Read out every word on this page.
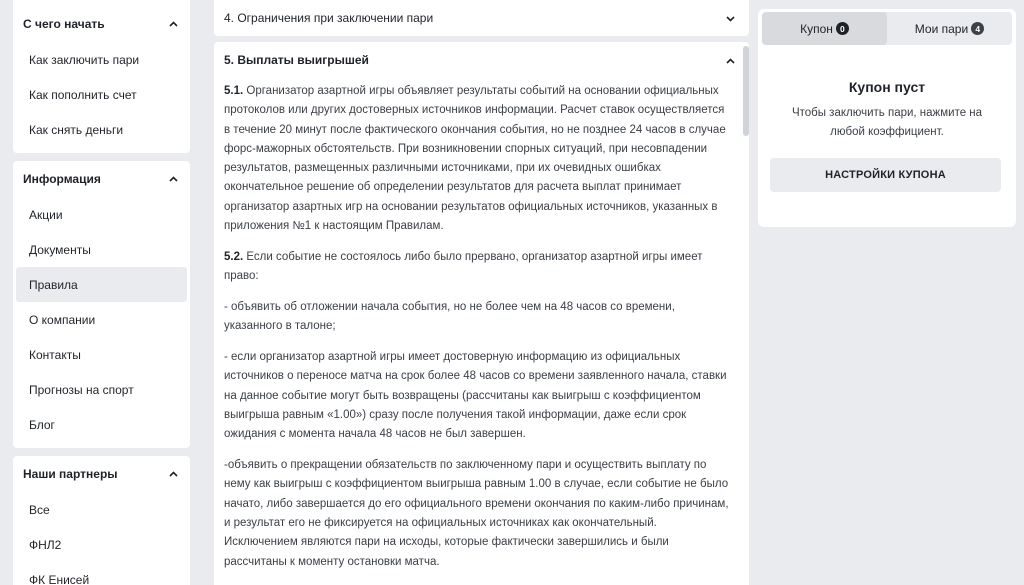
С чего начать
Как заключить пари
Как пополнить счет
Как снять деньги
Информация
Акции
Документы
Правила
О компании
Контакты
Прогнозы на спорт
Блог
Наши партнеры
Все
ФНЛ2
ФК Енисей
4. Ограничения при заключении пари
5. Выплаты выигрышей

5.1. Организатор азартной игры объявляет результаты событий на основании официальных протоколов или других достоверных источников информации. Расчет ставок осуществляется в течение 20 минут после фактического окончания события, но не позднее 24 часов в случае форс-мажорных обстоятельств. При возникновении спорных ситуаций, при несовпадении результатов, размещенных различными источниками, при их очевидных ошибках окончательное решение об определении результатов для расчета выплат принимает организатор азартных игр на основании результатов официальных источников, указанных в приложения №1 к настоящим Правилам.

5.2. Если событие не состоялось либо было прервано, организатор азартной игры имеет право:

- объявить об отложении начала события, но не более чем на 48 часов со времени, указанного в талоне;

- если организатор азартной игры имеет достоверную информацию из официальных источников о переносе матча на срок более 48 часов со времени заявленного начала, ставки на данное событие могут быть возвращены (рассчитаны как выигрыш с коэффициентом выигрыша равным «1.00») сразу после получения такой информации, даже если срок ожидания с момента начала 48 часов не был завершен.

-объявить о прекращении обязательств по заключенному пари и осуществить выплату по нему как выигрыш с коэффициентом выигрыша равным 1.00 в случае, если событие не было начато, либо завершается до его официального времени окончания по каким-либо причинам, и результат его не фиксируется на официальных источниках как окончательный. Исключением являются пари на исходы, которые фактически завершились и были рассчитаны к моменту остановки матча.

Купон 0	Мои пари 4
Купон пуст
Чтобы заключить пари, нажмите на любой коэффициент.
НАСТРОЙКИ КУПОНА
